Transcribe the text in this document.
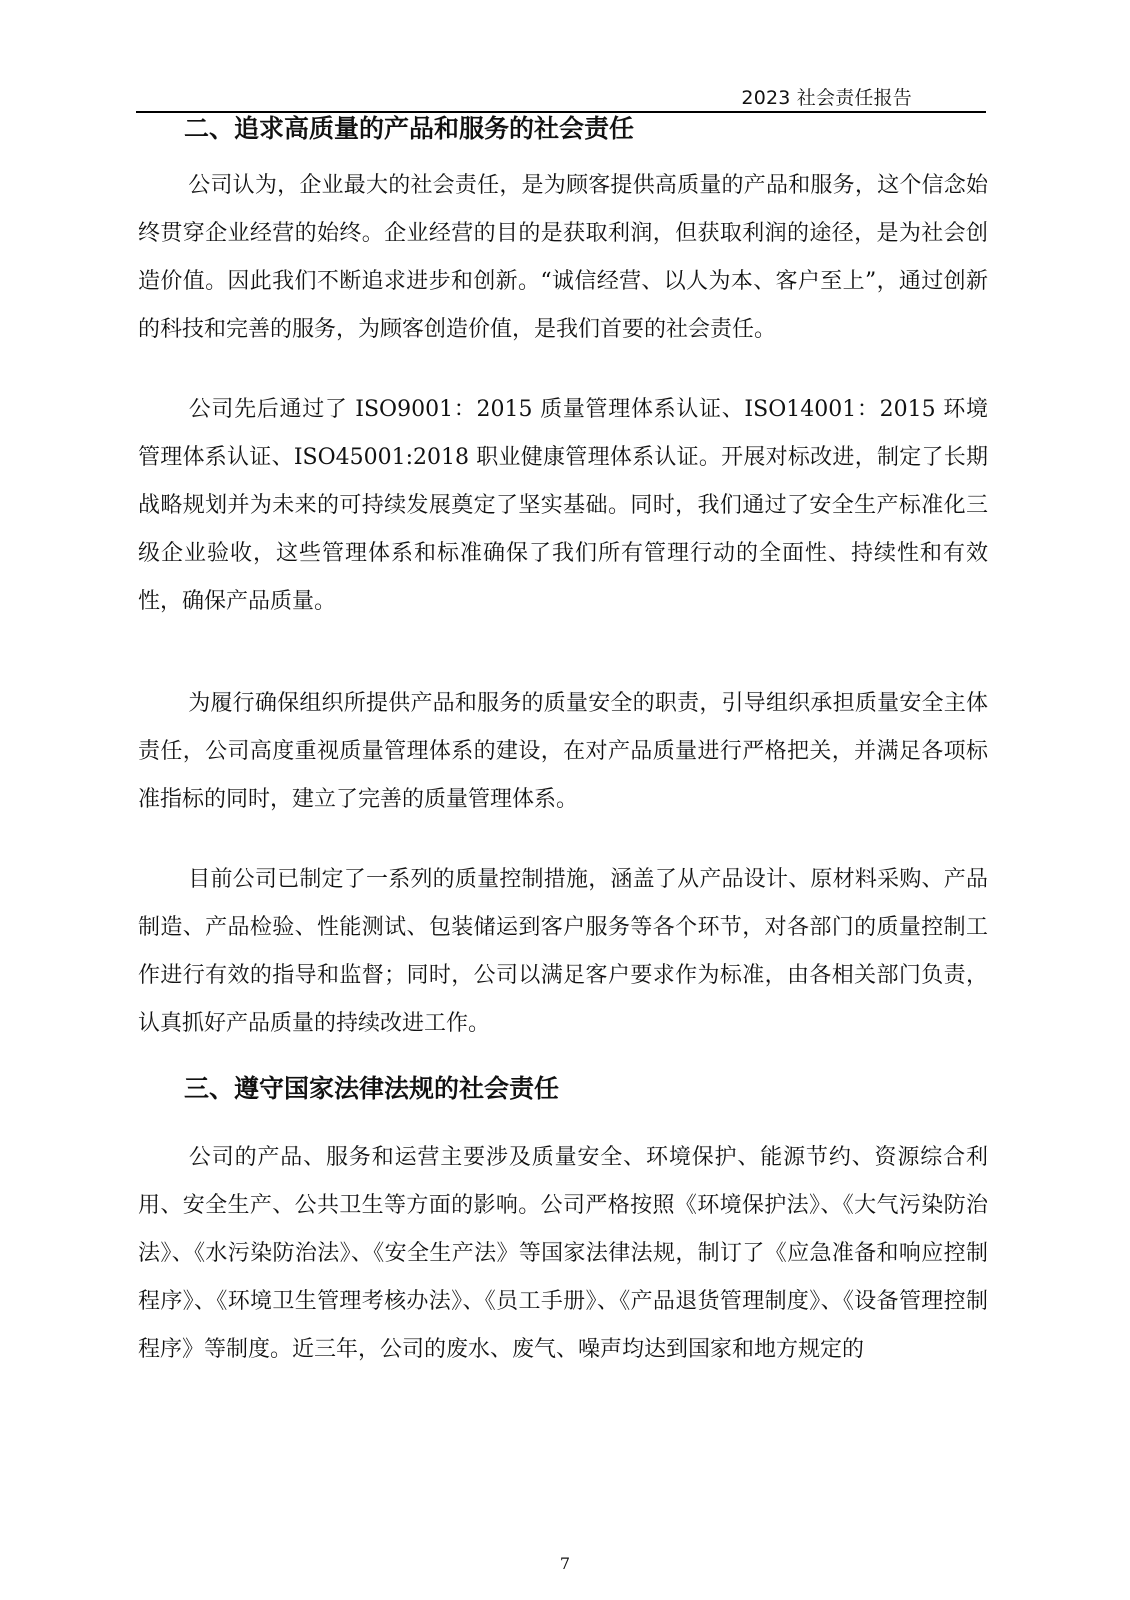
2023 社会责任报告
二、追求高质量的产品和服务的社会责任
公司认为，企业最大的社会责任，是为顾客提供高质量的产品和服务，这个信念始终贯穿企业经营的始终。企业经营的目的是获取利润，但获取利润的途径，是为社会创造价值。因此我们不断追求进步和创新。“诚信经营、以人为本、客户至上”，通过创新的科技和完善的服务，为顾客创造价值，是我们首要的社会责任。
公司先后通过了 ISO9001：2015 质量管理体系认证、ISO14001：2015 环境管理体系认证、ISO45001:2018 职业健康管理体系认证。开展对标改进，制定了长期战略规划并为未来的可持续发展奠定了坚实基础。同时，我们通过了安全生产标准化三级企业验收，这些管理体系和标准确保了我们所有管理行动的全面性、持续性和有效性，确保产品质量。
为履行确保组织所提供产品和服务的质量安全的职责，引导组织承担质量安全主体责任，公司高度重视质量管理体系的建设，在对产品质量进行严格把关，并满足各项标准指标的同时，建立了完善的质量管理体系。
目前公司已制定了一系列的质量控制措施，涵盖了从产品设计、原材料采购、产品制造、产品检验、性能测试、包装储运到客户服务等各个环节，对各部门的质量控制工作进行有效的指导和监督；同时，公司以满足客户要求作为标准，由各相关部门负责，认真抓好产品质量的持续改进工作。
三、遵守国家法律法规的社会责任
公司的产品、服务和运营主要涉及质量安全、环境保护、能源节约、资源综合利用、安全生产、公共卫生等方面的影响。公司严格按照《环境保护法》、《大气污染防治法》、《水污染防治法》、《安全生产法》等国家法律法规，制订了《应急准备和响应控制程序》、《环境卫生管理考核办法》、《员工手册》、《产品退货管理制度》、《设备管理控制程序》等制度。近三年，公司的废水、废气、噪声均达到国家和地方规定的
7
